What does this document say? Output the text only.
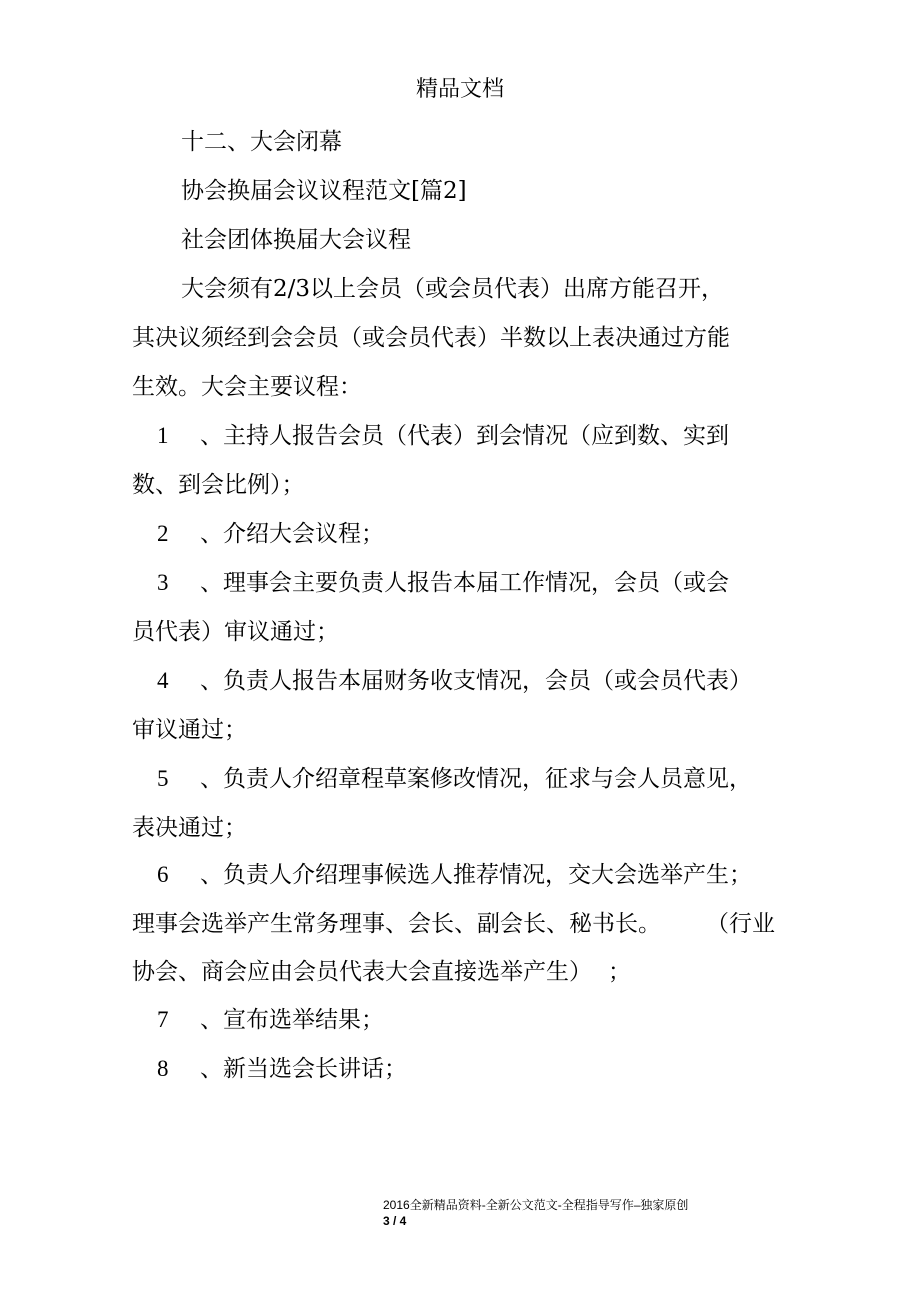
精品文档
十二、大会闭幕
协会换届会议议程范文[篇2]
社会团体换届大会议程
大会须有2/3以上会员（或会员代表）出席方能召开，
其决议须经到会会员（或会员代表）半数以上表决通过方能
生效。大会主要议程：
1 、主持人报告会员（代表）到会情况（应到数、实到
数、到会比例）；
2 、介绍大会议程；
3 、理事会主要负责人报告本届工作情况，会员（或会
员代表）审议通过；
4 、负责人报告本届财务收支情况，会员（或会员代表）
审议通过；
5 、负责人介绍章程草案修改情况，征求与会人员意见，
表决通过；
6 、负责人介绍理事候选人推荐情况，交大会选举产生；
理事会选举产生常务理事、会长、副会长、秘书长。 （行业
协会、商会应由会员代表大会直接选举产生） ；
7 、宣布选举结果；
8 、新当选会长讲话；
2016全新精品资料-全新公文范文-全程指导写作–独家原创
3 / 4
